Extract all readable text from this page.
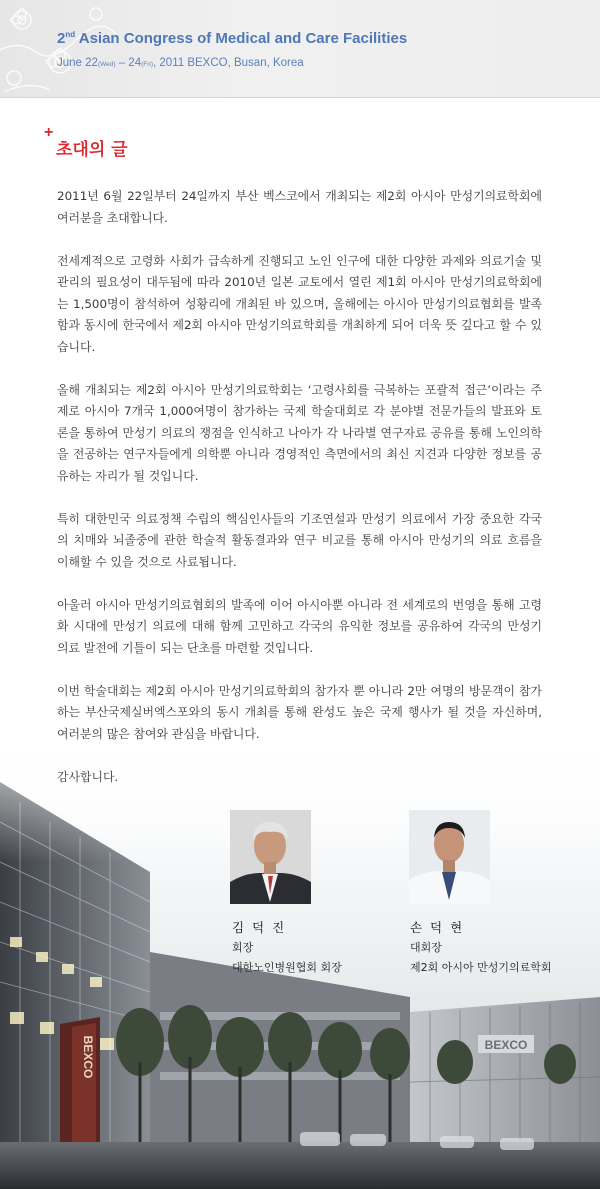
2nd Asian Congress of Medical and Care Facilities
June 22(Wed) – 24(Fri), 2011 BEXCO, Busan, Korea
+
초대의 글
BEXCO
BEXCO

2011년 6월 22일부터 24일까지 부산 벡스코에서 개최되는 제2회 아시아 만성기의료학회에 여러분을 초대합니다.

전세계적으로 고령화 사회가 급속하게 진행되고 노인 인구에 대한 다양한 과제와 의료기술 및 관리의 필요성이 대두됨에 따라 2010년 일본 교토에서 열린 제1회 아시아 만성기의료학회에는 1,500명이 참석하여 성황리에 개최된 바 있으며, 올해에는 아시아 만성기의료협회를 발족함과 동시에 한국에서 제2회 아시아 만성기의료학회를 개최하게 되어 더욱 뜻 깊다고 할 수 있습니다.

올해 개최되는 제2회 아시아 만성기의료학회는 ‘고령사회를 극복하는 포괄적 접근’이라는 주제로 아시아 7개국 1,000여명이 참가하는 국제 학술대회로 각 분야별 전문가들의 발표와 토론을 통하여 만성기 의료의 쟁점을 인식하고 나아가 각 나라별 연구자료 공유를 통해 노인의학을 전공하는 연구자들에게 의학뿐 아니라 경영적인 측면에서의 최신 지견과 다양한 정보를 공유하는 자리가 될 것입니다.

특히 대한민국 의료정책 수립의 핵심인사들의 기조연설과 만성기 의료에서 가장 중요한 각국의 치매와 뇌졸중에 관한 학술적 활동결과와 연구 비교를 통해 아시아 만성기의 의료 흐름을 이해할 수 있을 것으로 사료됩니다.

아울러 아시아 만성기의료협회의 발족에 이어 아시아뿐 아니라 전 세계로의 번영을 통해 고령화 시대에 만성기 의료에 대해 함께 고민하고 각국의 유익한 정보를 공유하여 각국의 만성기 의료 발전에 기틀이 되는 단초를 마련할 것입니다.

이번 학술대회는 제2회 아시아 만성기의료학회의 참가자 뿐 아니라 2만 여명의 방문객이 참가하는 부산국제실버엑스포와의 동시 개최를 통해 완성도 높은 국제 행사가 될 것을 자신하며, 여러분의 많은 참여와 관심을 바랍니다.

감사합니다.

김 덕 진
회장
대한노인병원협회 회장
손 덕 현
대회장
제2회 아시아 만성기의료학회
